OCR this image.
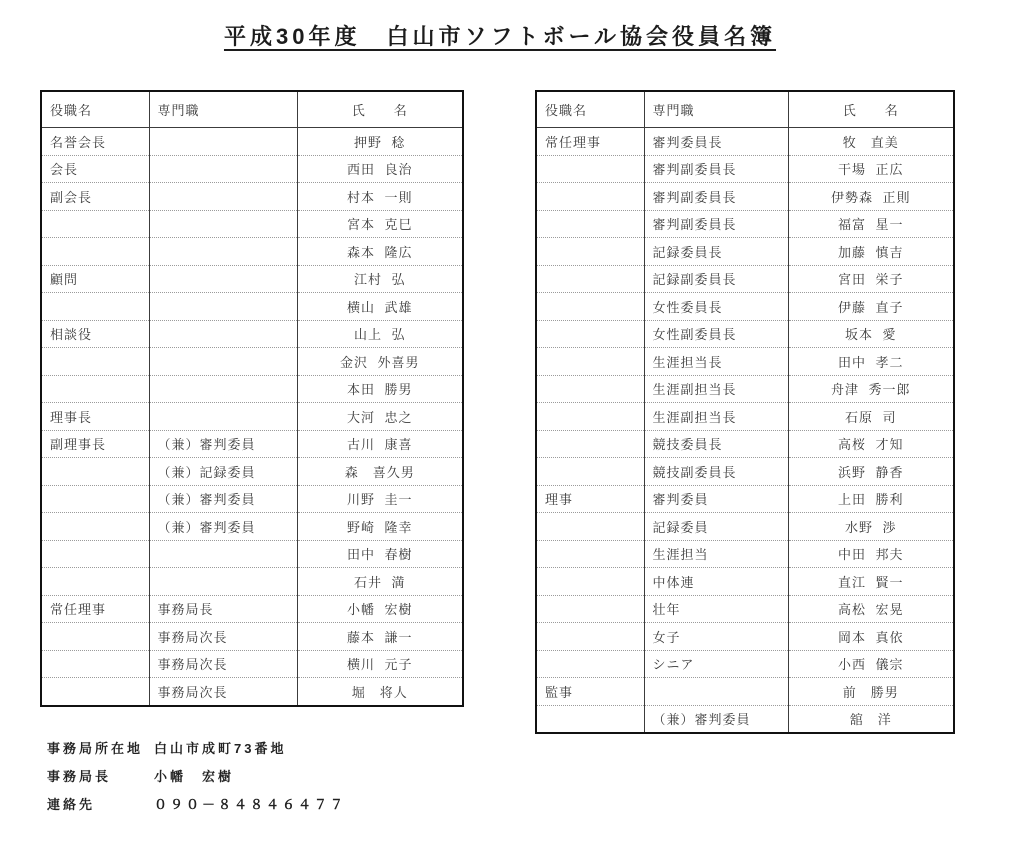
平成30年度　白山市ソフトボール協会役員名簿
役職名	専門職	氏　　名
名誉会長		押野 稔
会長		西田 良治
副会長		村本 一則
		宮本 克巳
		森本 隆広
顧問		江村 弘
		横山 武雄
相談役		山上 弘
		金沢 外喜男
		本田 勝男
理事長		大河 忠之
副理事長	（兼）審判委員	古川 康喜
	（兼）記録委員	森　喜久男
	（兼）審判委員	川野 圭一
	（兼）審判委員	野崎 隆幸
		田中 春樹
		石井 満
常任理事	事務局長	小幡 宏樹
	事務局次長	藤本 謙一
	事務局次長	横川 元子
	事務局次長	堀　将人
役職名	専門職	氏　　名
常任理事	審判委員長	牧　直美
	審判副委員長	干場 正広
	審判副委員長	伊勢森 正則
	審判副委員長	福富 星一
	記録委員長	加藤 慎吉
	記録副委員長	宮田 栄子
	女性委員長	伊藤 直子
	女性副委員長	坂本 愛
	生涯担当長	田中 孝二
	生涯副担当長	舟津 秀一郎
	生涯副担当長	石原 司
	競技委員長	高桜 才知
	競技副委員長	浜野 静香
理事	審判委員	上田 勝利
	記録委員	水野 渉
	生涯担当	中田 邦夫
	中体連	直江 賢一
	壮年	高松 宏晃
	女子	岡本 真依
	シニア	小西 儀宗
監事		前　勝男
	（兼）審判委員	舘　洋
事務局所在地 白山市成町73番地
事務局長	小幡　宏樹
連絡先	０９０－８４８４６４７７
